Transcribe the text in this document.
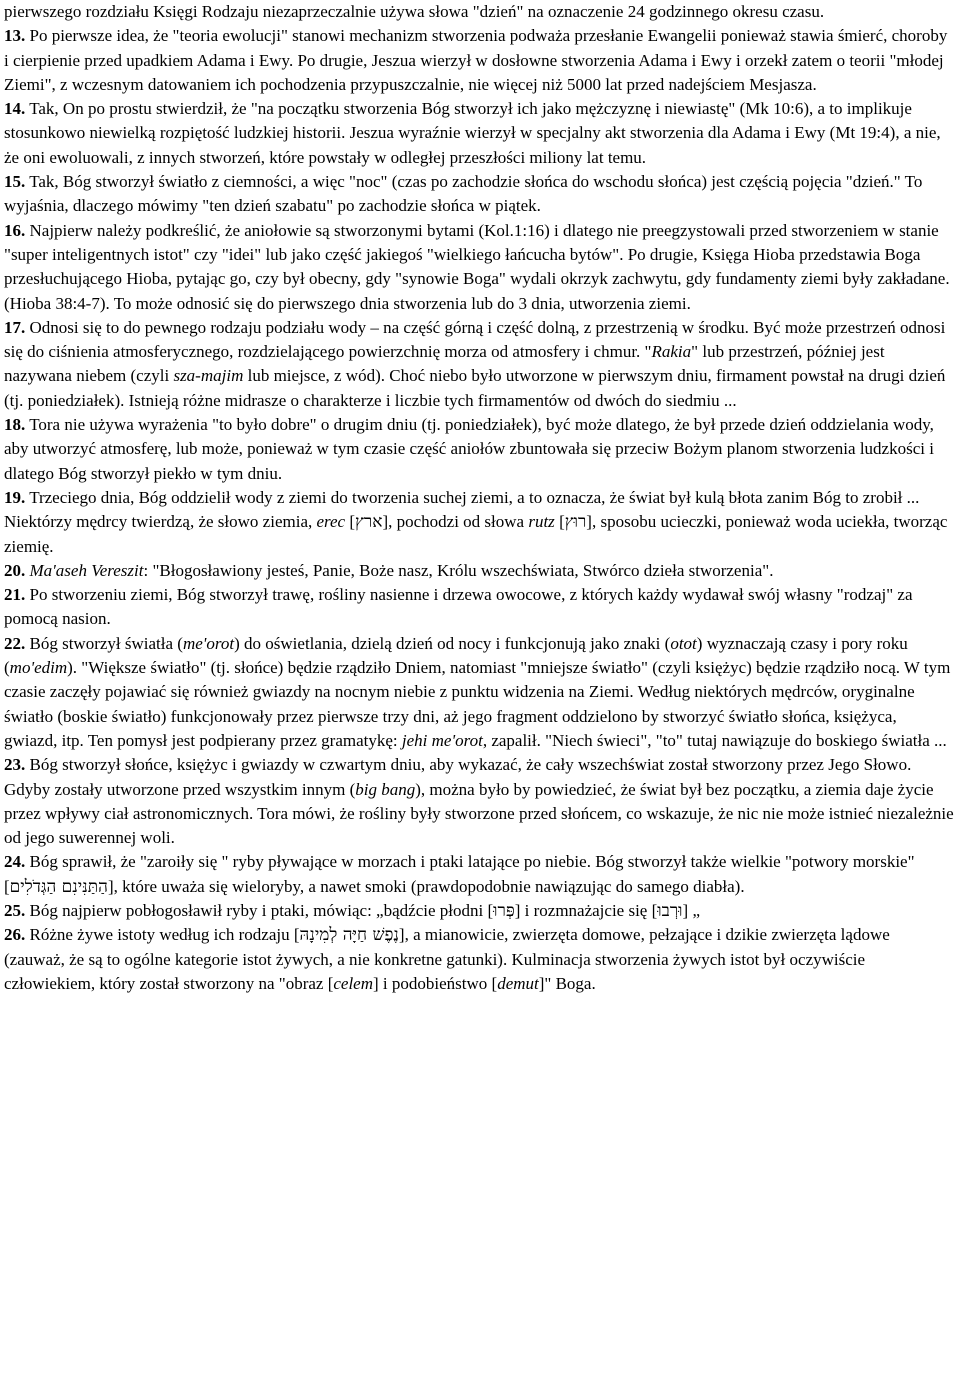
pierwszego rozdziału Księgi Rodzaju niezaprzeczalnie używa słowa "dzień" na oznaczenie 24 godzinnego okresu czasu.

13. Po pierwsze idea, że "teoria ewolucji" stanowi mechanizm stworzenia podważa przesłanie Ewangelii ponieważ stawia śmierć, choroby i cierpienie przed upadkiem Adama i Ewy. Po drugie, Jeszua wierzył w dosłowne stworzenia Adama i Ewy i orzekł zatem o teorii "młodej Ziemi", z wczesnym datowaniem ich pochodzenia przypuszczalnie, nie więcej niż 5000 lat przed nadejściem Mesjasza.

14. Tak, On po prostu stwierdził, że "na początku stworzenia Bóg stworzył ich jako mężczyznę i niewiastę" (Mk 10:6), a to implikuje stosunkowo niewielką rozpiętość ludzkiej historii. Jeszua wyraźnie wierzył w specjalny akt stworzenia dla Adama i Ewy (Mt 19:4), a nie, że oni ewoluowali, z innych stworzeń, które powstały w odległej przeszłości miliony lat temu.

15. Tak, Bóg stworzył światło z ciemności, a więc "noc" (czas po zachodzie słońca do wschodu słońca) jest częścią pojęcia "dzień." To wyjaśnia, dlaczego mówimy "ten dzień szabatu" po zachodzie słońca w piątek.

16. Najpierw należy podkreślić, że aniołowie są stworzonymi bytami (Kol.1:16) i dlatego nie preegzystowali przed stworzeniem w stanie "super inteligentnych istot" czy "idei" lub jako część jakiegoś "wielkiego łańcucha bytów". Po drugie, Księga Hioba przedstawia Boga przesłuchującego Hioba, pytając go, czy był obecny, gdy "synowie Boga" wydali okrzyk zachwytu, gdy fundamenty ziemi były zakładane. (Hioba 38:4-7). To może odnosić się do pierwszego dnia stworzenia lub do 3 dnia, utworzenia ziemi.

17. Odnosi się to do pewnego rodzaju podziału wody – na część górną i część dolną, z przestrzenią w środku. Być może przestrzeń odnosi się do ciśnienia atmosferycznego, rozdzielającego powierzchnię morza od atmosfery i chmur. "Rakia" lub przestrzeń, później jest nazywana niebem (czyli sza-majim lub miejsce, z wód). Choć niebo było utworzone w pierwszym dniu, firmament powstał na drugi dzień (tj. poniedziałek). Istnieją różne midrasze o charakterze i liczbie tych firmamentów od dwóch do siedmiu ...

18. Tora nie używa wyrażenia "to było dobre" o drugim dniu (tj. poniedziałek), być może dlatego, że był przede dzień oddzielania wody, aby utworzyć atmosferę, lub może, ponieważ w tym czasie część aniołów zbuntowała się przeciw Bożym planom stworzenia ludzkości i dlatego Bóg stworzył piekło w tym dniu.

19. Trzeciego dnia, Bóg oddzielił wody z ziemi do tworzenia suchej ziemi, a to oznacza, że świat był kulą błota zanim Bóg to zrobił ... Niektórzy mędrcy twierdzą, że słowo ziemia, erec [ארץ], pochodzi od słowa rutz [רוּץ], sposobu ucieczki, ponieważ woda uciekła, tworząc ziemię.

20. Ma'aseh Vereszit: "Błogosławiony jesteś, Panie, Boże nasz, Królu wszechświata, Stwórco dzieła stworzenia".

21. Po stworzeniu ziemi, Bóg stworzył trawę, rośliny nasienne i drzewa owocowe, z których każdy wydawał swój własny "rodzaj" za pomocą nasion.

22. Bóg stworzył światła (me'orot) do oświetlania, dzielą dzień od nocy i funkcjonują jako znaki (otot) wyznaczają czasy i pory roku (mo'edim). "Większe światło" (tj. słońce) będzie rządziło Dniem, natomiast "mniejsze światło" (czyli księżyc) będzie rządziło nocą. W tym czasie zaczęły pojawiać się również gwiazdy na nocnym niebie z punktu widzenia na Ziemi. Według niektórych mędrców, oryginalne światło (boskie światło) funkcjonowały przez pierwsze trzy dni, aż jego fragment oddzielono by stworzyć światło słońca, księżyca, gwiazd, itp. Ten pomysł jest podpierany przez gramatykę: jehi me'orot, zapalił. "Niech świeci", "to" tutaj nawiązuje do boskiego światła ...

23. Bóg stworzył słońce, księżyc i gwiazdy w czwartym dniu, aby wykazać, że cały wszechświat został stworzony przez Jego Słowo. Gdyby zostały utworzone przed wszystkim innym (big bang), można było by powiedzieć, że świat był bez początku, a ziemia daje życie przez wpływy ciał astronomicznych. Tora mówi, że rośliny były stworzone przed słońcem, co wskazuje, że nic nie może istnieć niezależnie od jego suwerennej woli.

24. Bóg sprawił, że "zaroiły się " ryby pływające w morzach i ptaki latające po niebie. Bóg stworzył także wielkie "potwory morskie" [הַתַּנִּינִם הַגְּדֹלִים], które uważa się wieloryby, a nawet smoki (prawdopodobnie nawiązując do samego diabła).

25. Bóg najpierw pobłogosławił ryby i ptaki, mówiąc: „bądźcie płodni [פְּרוּ] i rozmnażajcie się [וּרְבוּ] „

26. Różne żywe istoty według ich rodzaju [נֶפֶשׁ חַיָּה לְמִינָהּ], a mianowicie, zwierzęta domowe, pełzające i dzikie zwierzęta lądowe (zauważ, że są to ogólne kategorie istot żywych, a nie konkretne gatunki). Kulminacja stworzenia żywych istot był oczywiście człowiekiem, który został stworzony na "obraz [celem] i podobieństwo [demut]" Boga.
